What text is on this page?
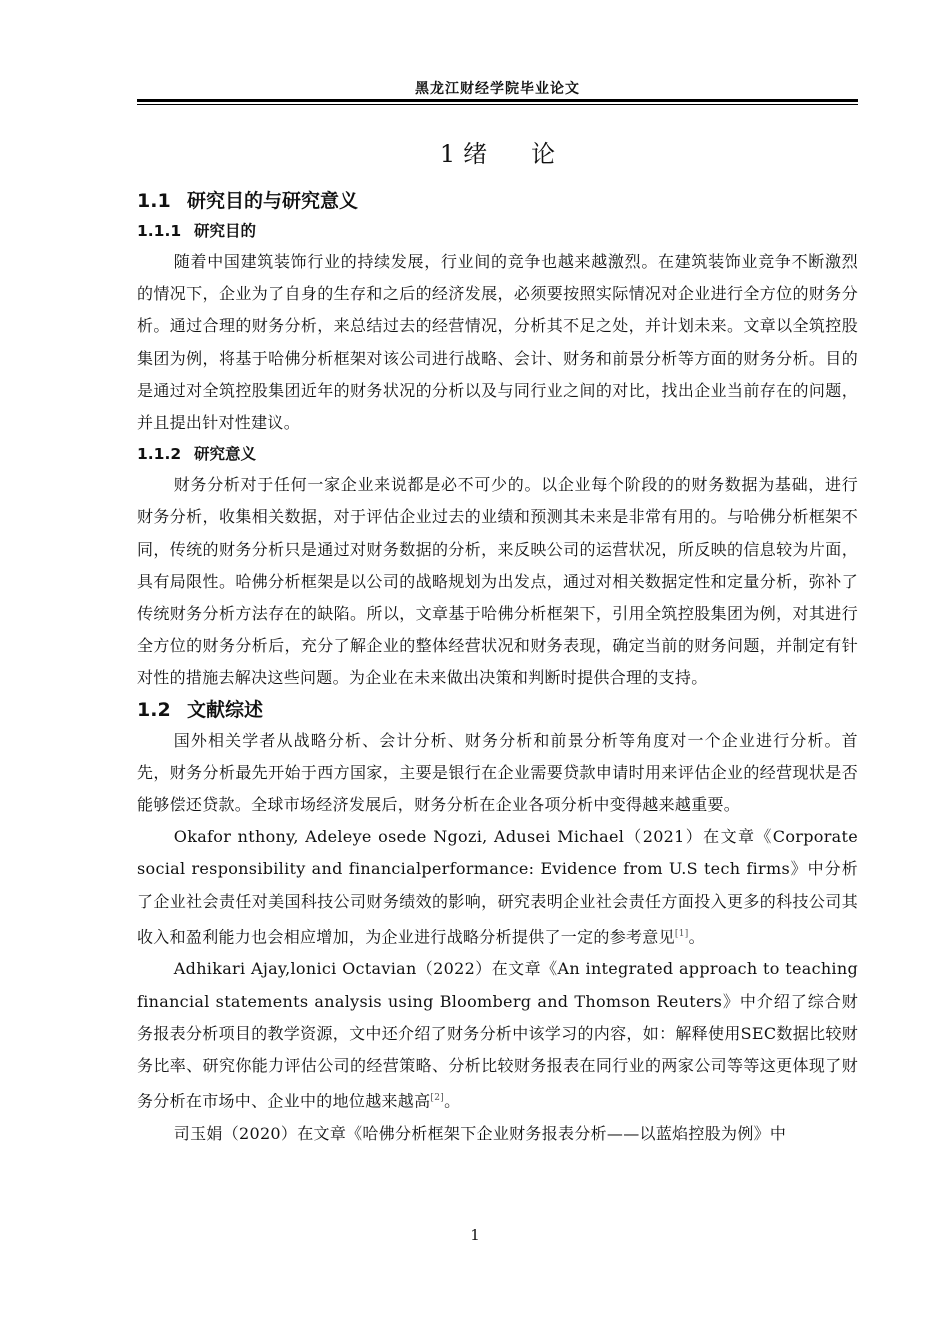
黑龙江财经学院毕业论文
1 绪 论
1.1 研究目的与研究意义
1.1.1 研究目的

随着中国建筑装饰行业的持续发展，行业间的竞争也越来越激烈。在建筑装饰业竞争不断激烈的情况下，企业为了自身的生存和之后的经济发展，必须要按照实际情况对企业进行全方位的财务分析。通过合理的财务分析，来总结过去的经营情况，分析其不足之处，并计划未来。文章以全筑控股集团为例，将基于哈佛分析框架对该公司进行战略、会计、财务和前景分析等方面的财务分析。目的是通过对全筑控股集团近年的财务状况的分析以及与同行业之间的对比，找出企业当前存在的问题，并且提出针对性建议。

1.1.2 研究意义

财务分析对于任何一家企业来说都是必不可少的。以企业每个阶段的的财务数据为基础，进行财务分析，收集相关数据，对于评估企业过去的业绩和预测其未来是非常有用的。与哈佛分析框架不同，传统的财务分析只是通过对财务数据的分析，来反映公司的运营状况，所反映的信息较为片面，具有局限性。哈佛分析框架是以公司的战略规划为出发点，通过对相关数据定性和定量分析，弥补了传统财务分析方法存在的缺陷。所以，文章基于哈佛分析框架下，引用全筑控股集团为例，对其进行全方位的财务分析后，充分了解企业的整体经营状况和财务表现，确定当前的财务问题，并制定有针对性的措施去解决这些问题。为企业在未来做出决策和判断时提供合理的支持。

1.2 文献综述

国外相关学者从战略分析、会计分析、财务分析和前景分析等角度对一个企业进行分析。首先，财务分析最先开始于西方国家，主要是银行在企业需要贷款申请时用来评估企业的经营现状是否能够偿还贷款。全球市场经济发展后，财务分析在企业各项分析中变得越来越重要。

Okafor nthony, Adeleye osede Ngozi, Adusei Michael（2021）在文章《Corporate social responsibility and financialperformance: Evidence from U.S tech firms》中分析了企业社会责任对美国科技公司财务绩效的影响，研究表明企业社会责任方面投入更多的科技公司其收入和盈利能力也会相应增加，为企业进行战略分析提供了一定的参考意见[1]。

Adhikari Ajay,lonici Octavian（2022）在文章《An integrated approach to teaching financial statements analysis using Bloomberg and Thomson Reuters》中介绍了综合财务报表分析项目的教学资源，文中还介绍了财务分析中该学习的内容，如：解释使用SEC数据比较财务比率、研究你能力评估公司的经营策略、分析比较财务报表在同行业的两家公司等等这更体现了财务分析在市场中、企业中的地位越来越高[2]。

司玉娟（2020）在文章《哈佛分析框架下企业财务报表分析——以蓝焰控股为例》中

1
